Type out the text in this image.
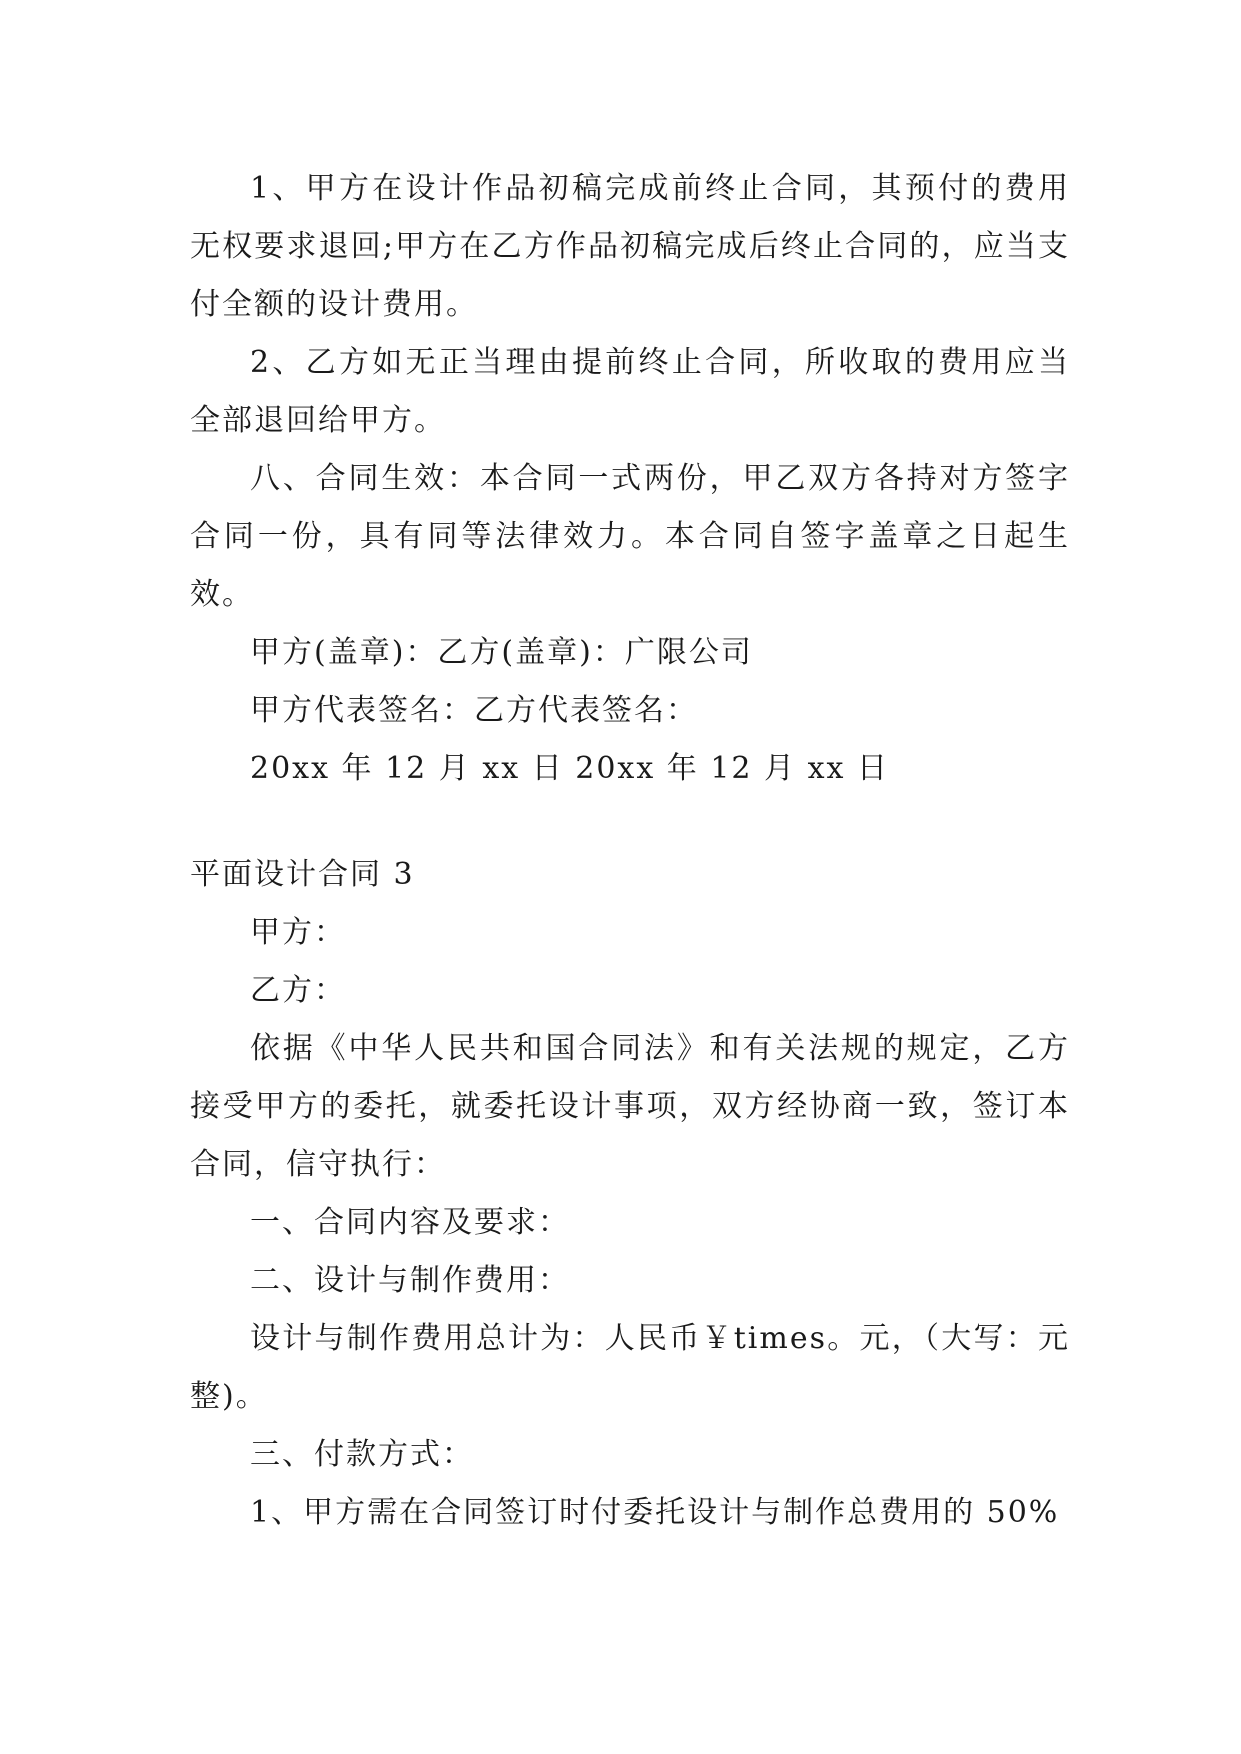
1、甲方在设计作品初稿完成前终止合同，其预付的费用无权要求退回;甲方在乙方作品初稿完成后终止合同的，应当支付全额的设计费用。

2、乙方如无正当理由提前终止合同，所收取的费用应当全部退回给甲方。

八、合同生效：本合同一式两份，甲乙双方各持对方签字合同一份，具有同等法律效力。本合同自签字盖章之日起生效。

甲方(盖章)：乙方(盖章)：广限公司

甲方代表签名：乙方代表签名：

20xx 年 12 月 xx 日 20xx 年 12 月 xx 日

平面设计合同 3

甲方：

乙方：

依据《中华人民共和国合同法》和有关法规的规定，乙方接受甲方的委托，就委托设计事项，双方经协商一致，签订本合同，信守执行：

一、合同内容及要求：

二、设计与制作费用：

设计与制作费用总计为：人民币￥times。元，（大写：元整)。

三、付款方式：

1、甲方需在合同签订时付委托设计与制作总费用的 50%
